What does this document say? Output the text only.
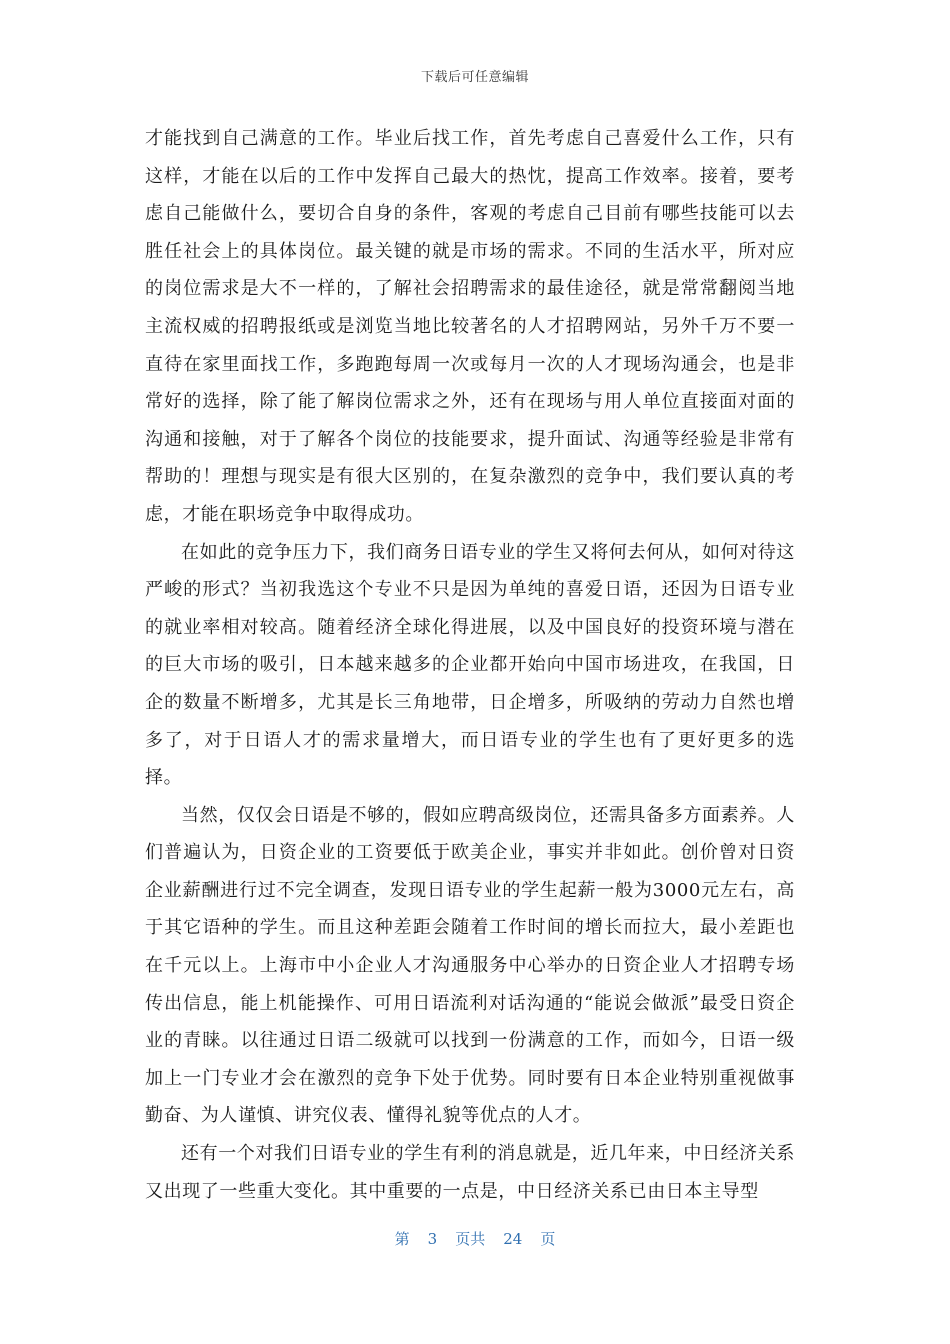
下载后可任意编辑

才能找到自己满意的工作。毕业后找工作，首先考虑自己喜爱什么工作，只有这样，才能在以后的工作中发挥自己最大的热忱，提高工作效率。接着，要考虑自己能做什么，要切合自身的条件，客观的考虑自己目前有哪些技能可以去胜任社会上的具体岗位。最关键的就是市场的需求。不同的生活水平，所对应的岗位需求是大不一样的，了解社会招聘需求的最佳途径，就是常常翻阅当地主流权威的招聘报纸或是浏览当地比较著名的人才招聘网站，另外千万不要一直待在家里面找工作，多跑跑每周一次或每月一次的人才现场沟通会，也是非常好的选择，除了能了解岗位需求之外，还有在现场与用人单位直接面对面的沟通和接触，对于了解各个岗位的技能要求，提升面试、沟通等经验是非常有帮助的！理想与现实是有很大区别的，在复杂激烈的竞争中，我们要认真的考虑，才能在职场竞争中取得成功。

在如此的竞争压力下，我们商务日语专业的学生又将何去何从，如何对待这严峻的形式？当初我选这个专业不只是因为单纯的喜爱日语，还因为日语专业的就业率相对较高。随着经济全球化得进展，以及中国良好的投资环境与潜在的巨大市场的吸引，日本越来越多的企业都开始向中国市场进攻，在我国，日企的数量不断增多，尤其是长三角地带，日企增多，所吸纳的劳动力自然也增多了，对于日语人才的需求量增大，而日语专业的学生也有了更好更多的选择。

当然，仅仅会日语是不够的，假如应聘高级岗位，还需具备多方面素养。人们普遍认为，日资企业的工资要低于欧美企业，事实并非如此。创价曾对日资企业薪酬进行过不完全调查，发现日语专业的学生起薪一般为3000元左右，高于其它语种的学生。而且这种差距会随着工作时间的增长而拉大，最小差距也在千元以上。上海市中小企业人才沟通服务中心举办的日资企业人才招聘专场传出信息，能上机能操作、可用日语流利对话沟通的“能说会做派”最受日资企业的青睐。以往通过日语二级就可以找到一份满意的工作，而如今，日语一级加上一门专业才会在激烈的竞争下处于优势。同时要有日本企业特别重视做事勤奋、为人谨慎、讲究仪表、懂得礼貌等优点的人才。

还有一个对我们日语专业的学生有利的消息就是，近几年来，中日经济关系又出现了一些重大变化。其中重要的一点是，中日经济关系已由日本主导型

第 3 页共 24 页
